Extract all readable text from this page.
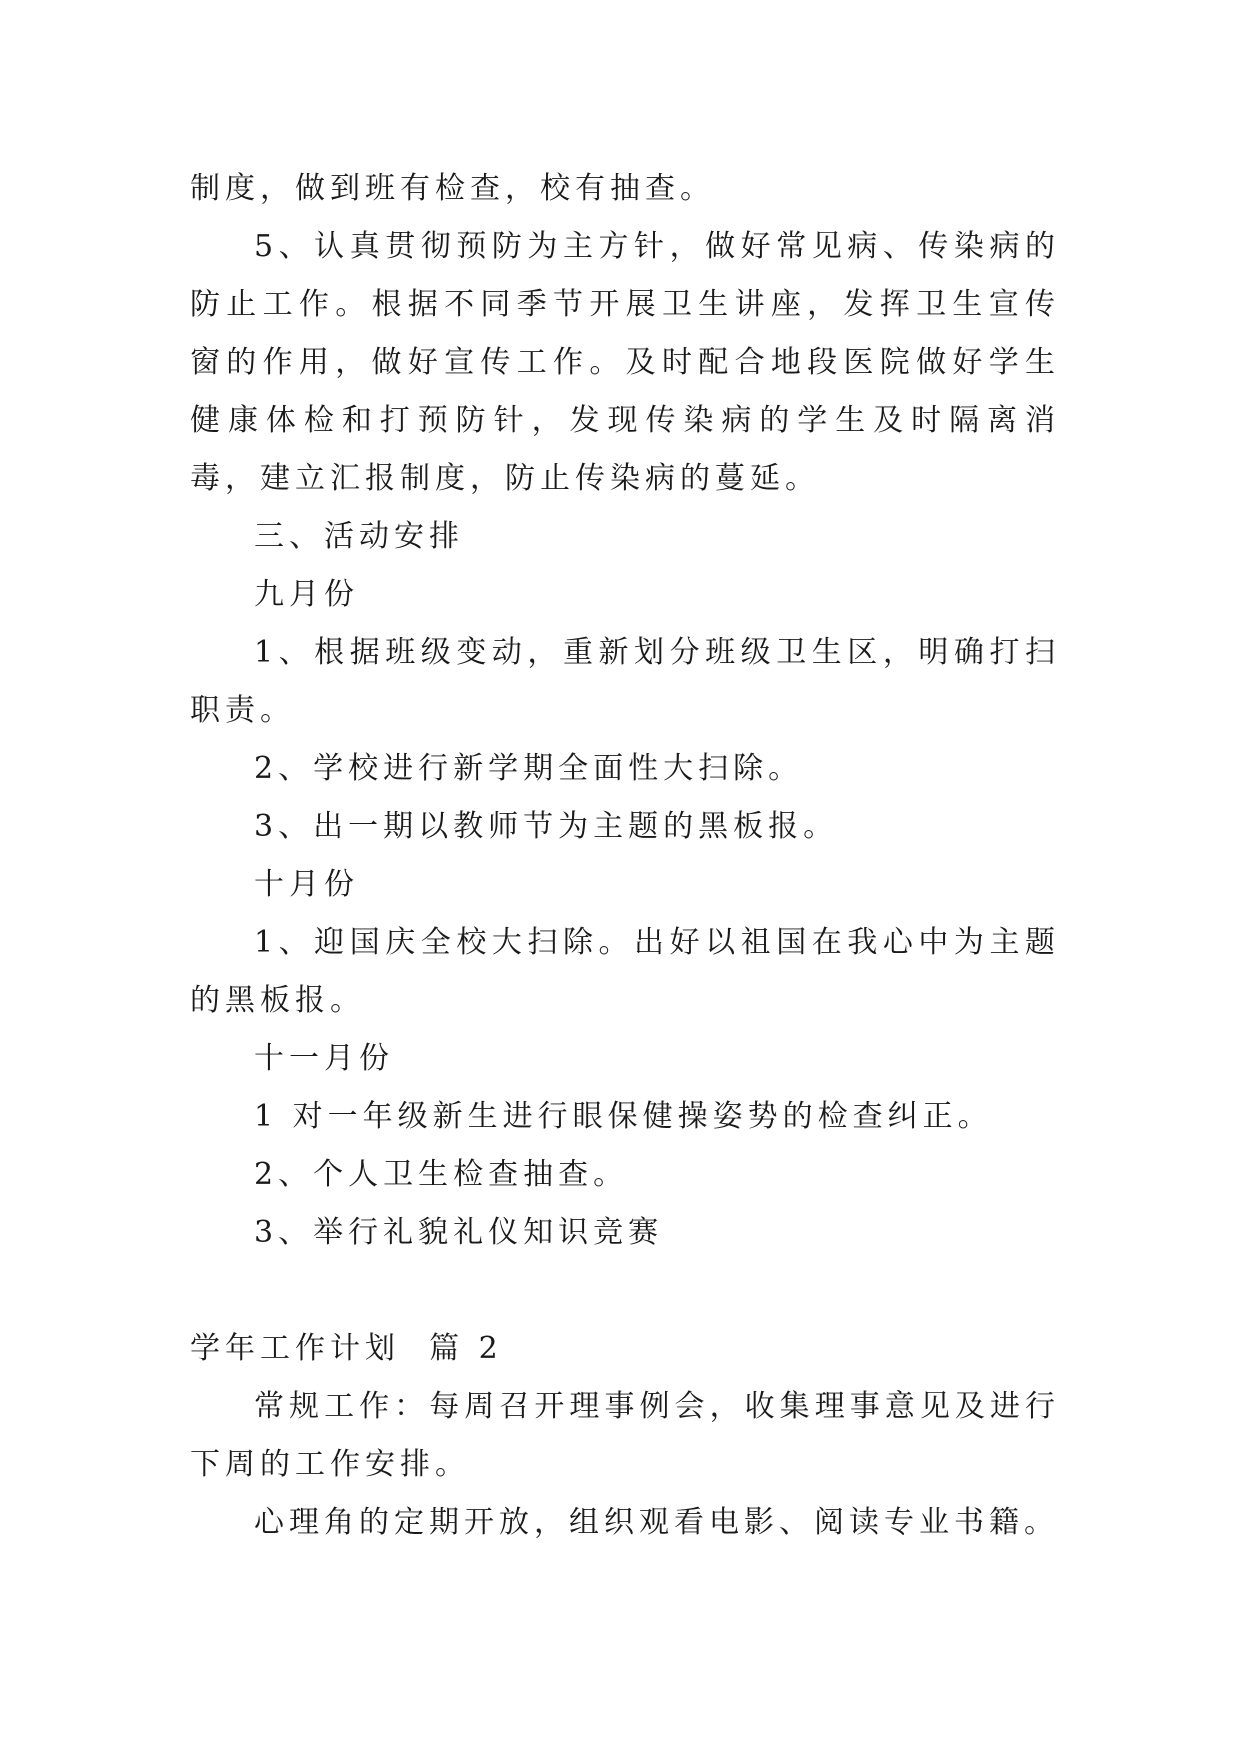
制度，做到班有检查，校有抽查。

5、认真贯彻预防为主方针，做好常见病、传染病的防止工作。根据不同季节开展卫生讲座，发挥卫生宣传窗的作用，做好宣传工作。及时配合地段医院做好学生健康体检和打预防针，发现传染病的学生及时隔离消毒，建立汇报制度，防止传染病的蔓延。

三、活动安排

九月份

1、根据班级变动，重新划分班级卫生区，明确打扫职责。

2、学校进行新学期全面性大扫除。

3、出一期以教师节为主题的黑板报。

十月份

1、迎国庆全校大扫除。出好以祖国在我心中为主题的黑板报。

十一月份

1 对一年级新生进行眼保健操姿势的检查纠正。

2、个人卫生检查抽查。

3、举行礼貌礼仪知识竞赛

学年工作计划  篇 2

常规工作：每周召开理事例会，收集理事意见及进行下周的工作安排。

心理角的定期开放，组织观看电影、阅读专业书籍。
